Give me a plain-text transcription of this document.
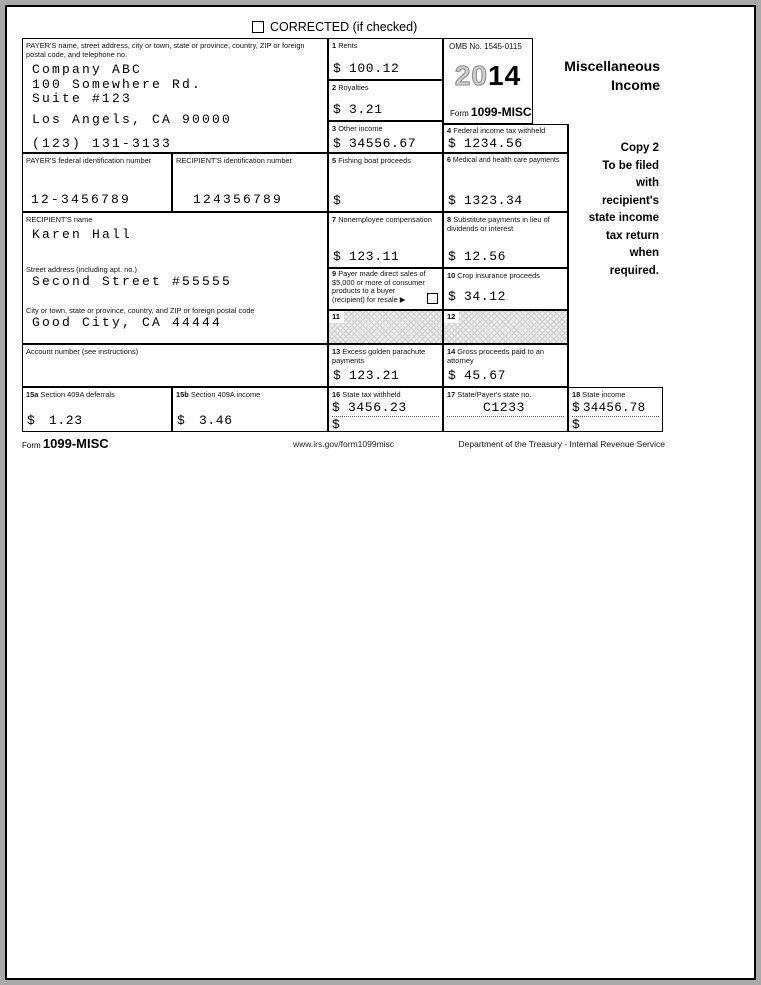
CORRECTED (if checked)
PAYER'S name, street address, city or town, state or province, country, ZIP or foreign postal code, and telephone no.
Company ABC
100 Somewhere Rd.
Suite #123
Los Angels, CA 90000
(123) 131-3133
1 Rents
$ 100.12
2 Royalties
$ 3.21
OMB No. 1545-0115
2014
Form 1099-MISC
Miscellaneous
Income
3 Other income
$ 34556.67
4 Federal income tax withheld
$ 1234.56
PAYER'S federal identification number
12-3456789
RECIPIENT'S identification number
124356789
5 Fishing boat proceeds
$
6 Medical and health care payments
$ 1323.34
RECIPIENT'S name
Karen Hall
Street address (including apt. no.)
Second Street #55555
City or town, state or province, country, and ZIP or foreign postal code
Good City, CA 44444
7 Nonemployee compensation
$ 123.11
8 Substitute payments in lieu of dividends or interest
$ 12.56
9 Payer made direct sales of $5,000 or more of consumer products to a buyer (recipient) for resale ▶
10 Crop insurance proceeds
$ 34.12
11	12
Copy 2
To be filed
with
recipient's
state income
tax return
when
required.
Account number (see instructions)	13 Excess golden parachute payments
$ 123.21
14 Gross proceeds paid to an attorney
$ 45.67
15a Section 409A deferrals
$	1.23
15b Section 409A income
$	3.46
16 State tax withheld
$ 3456.23
$
17 State/Payer's state no.
C1233
18 State income
$ 34456.78
$
Form 1099-MISC	www.irs.gov/form1099misc	Department of the Treasury - Internal Revenue Service
